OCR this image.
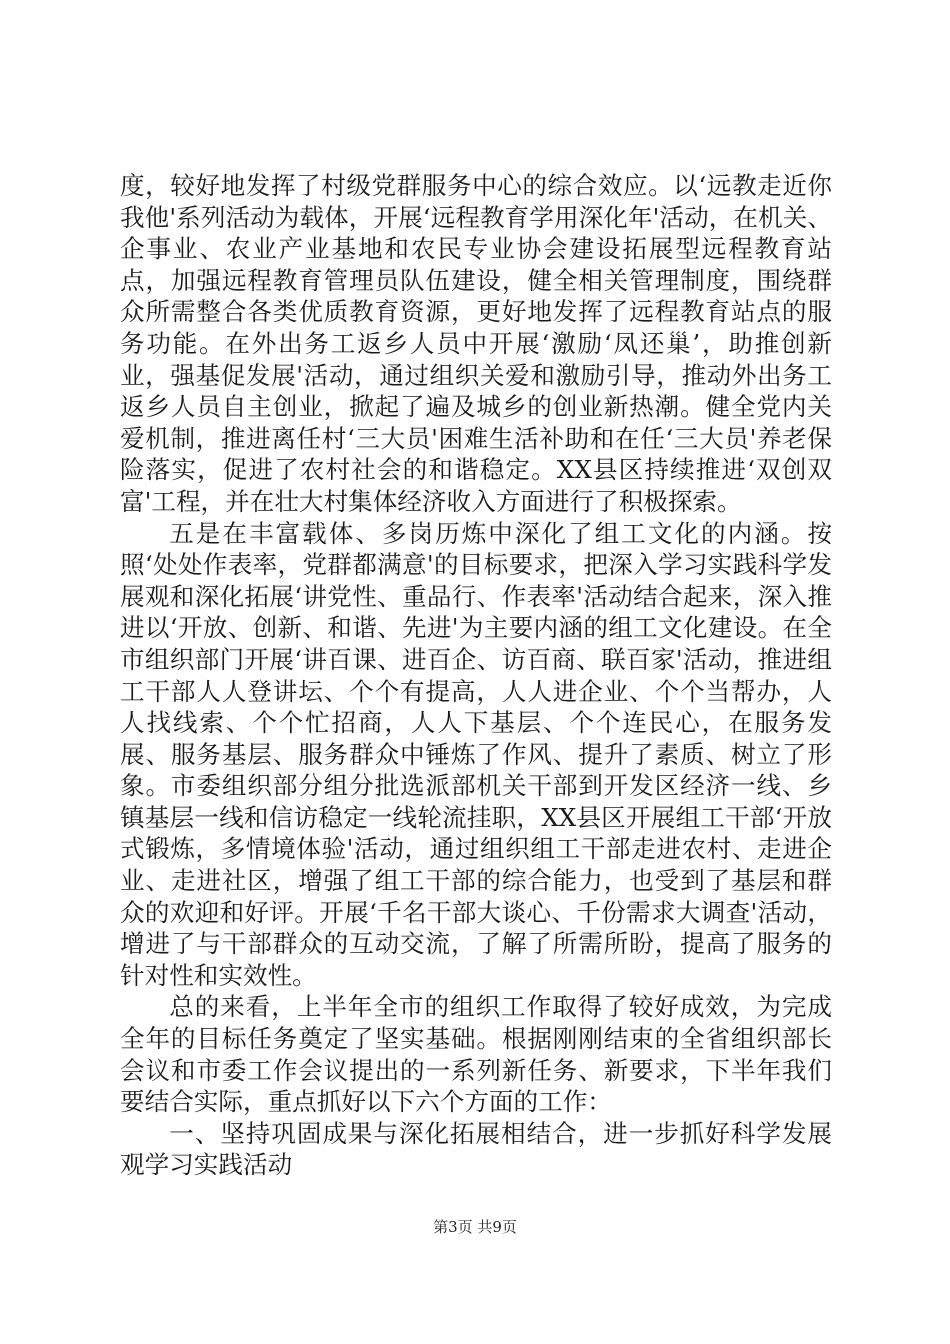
度，较好地发挥了村级党群服务中心的综合效应。以‘远教走近你我他'系列活动为载体，开展‘远程教育学用深化年'活动，在机关、企事业、农业产业基地和农民专业协会建设拓展型远程教育站点，加强远程教育管理员队伍建设，健全相关管理制度，围绕群众所需整合各类优质教育资源，更好地发挥了远程教育站点的服务功能。在外出务工返乡人员中开展‘激励‘凤还巢’，助推创新业，强基促发展'活动，通过组织关爱和激励引导，推动外出务工返乡人员自主创业，掀起了遍及城乡的创业新热潮。健全党内关爱机制，推进离任村‘三大员'困难生活补助和在任‘三大员'养老保险落实，促进了农村社会的和谐稳定。XX县区持续推进‘双创双富'工程，并在壮大村集体经济收入方面进行了积极探索。

五是在丰富载体、多岗历炼中深化了组工文化的内涵。按照‘处处作表率，党群都满意'的目标要求，把深入学习实践科学发展观和深化拓展‘讲党性、重品行、作表率'活动结合起来，深入推进以‘开放、创新、和谐、先进'为主要内涵的组工文化建设。在全市组织部门开展‘讲百课、进百企、访百商、联百家'活动，推进组工干部人人登讲坛、个个有提高，人人进企业、个个当帮办，人人找线索、个个忙招商，人人下基层、个个连民心，在服务发展、服务基层、服务群众中锤炼了作风、提升了素质、树立了形象。市委组织部分组分批选派部机关干部到开发区经济一线、乡镇基层一线和信访稳定一线轮流挂职，XX县区开展组工干部‘开放式锻炼，多情境体验'活动，通过组织组工干部走进农村、走进企业、走进社区，增强了组工干部的综合能力，也受到了基层和群众的欢迎和好评。开展‘千名干部大谈心、千份需求大调查'活动，增进了与干部群众的互动交流，了解了所需所盼，提高了服务的针对性和实效性。

总的来看，上半年全市的组织工作取得了较好成效，为完成全年的目标任务奠定了坚实基础。根据刚刚结束的全省组织部长会议和市委工作会议提出的一系列新任务、新要求，下半年我们要结合实际，重点抓好以下六个方面的工作：

一、坚持巩固成果与深化拓展相结合，进一步抓好科学发展观学习实践活动

第3页 共9页
